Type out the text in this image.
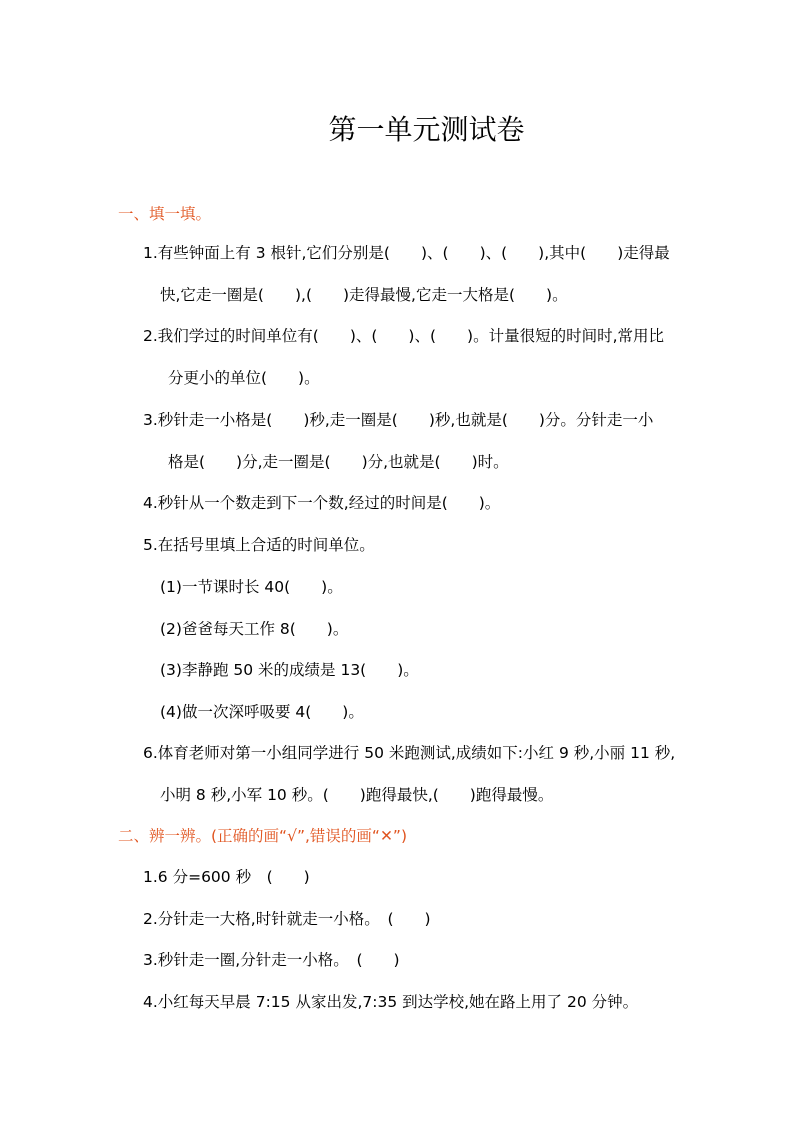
第一单元测试卷
一、填一填。
1.有些钟面上有 3 根针,它们分别是(　　)、(　　)、(　　),其中(　　)走得最
快,它走一圈是(　　),(　　)走得最慢,它走一大格是(　　)。
2.我们学过的时间单位有(　　)、(　　)、(　　)。计量很短的时间时,常用比
分更小的单位(　　)。
3.秒针走一小格是(　　)秒,走一圈是(　　)秒,也就是(　　)分。分针走一小
格是(　　)分,走一圈是(　　)分,也就是(　　)时。
4.秒针从一个数走到下一个数,经过的时间是(　　)。
5.在括号里填上合适的时间单位。
(1)一节课时长 40(　　)。
(2)爸爸每天工作 8(　　)。
(3)李静跑 50 米的成绩是 13(　　)。
(4)做一次深呼吸要 4(　　)。
6.体育老师对第一小组同学进行 50 米跑测试,成绩如下:小红 9 秒,小丽 11 秒,
小明 8 秒,小军 10 秒。(　　)跑得最快,(　　)跑得最慢。
二、辨一辨。(正确的画“√”,错误的画“✕”)
1.6 分=600 秒　(　　)
2.分针走一大格,时针就走一小格。　(　　)
3.秒针走一圈,分针走一小格。　(　　)
4.小红每天早晨 7:15 从家出发,7:35 到达学校,她在路上用了 20 分钟。
